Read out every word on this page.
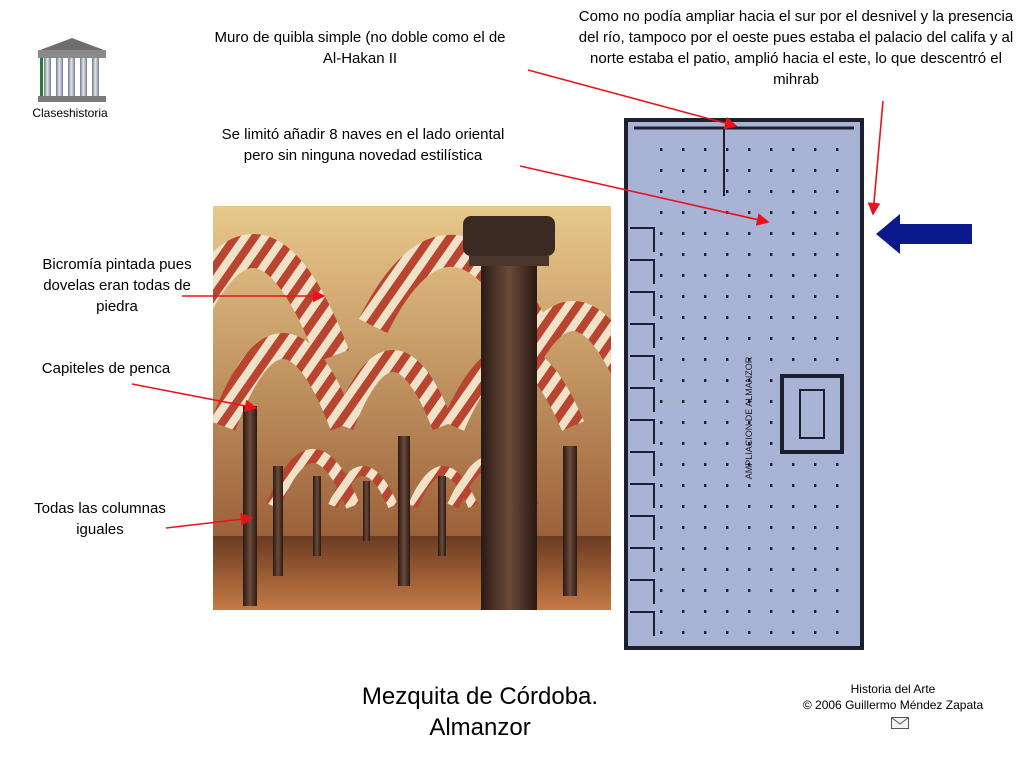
Claseshistoria
AMPLIACION DE ALMANZOR
Muro de quibla simple (no doble como el de Al-Hakan II
Como no podía ampliar hacia el sur por el desnivel y la presencia del río, tampoco por el oeste pues estaba el palacio del califa y al norte estaba el patio, amplió hacia el este, lo que descentró el mihrab
Se limitó añadir 8 naves en el lado oriental pero sin ninguna novedad estilística
Bicromía pintada pues dovelas eran todas de piedra
Capiteles de penca
Todas las columnas iguales
Mezquita de Córdoba.
Almanzor
Historia del Arte
© 2006 Guillermo Méndez Zapata
